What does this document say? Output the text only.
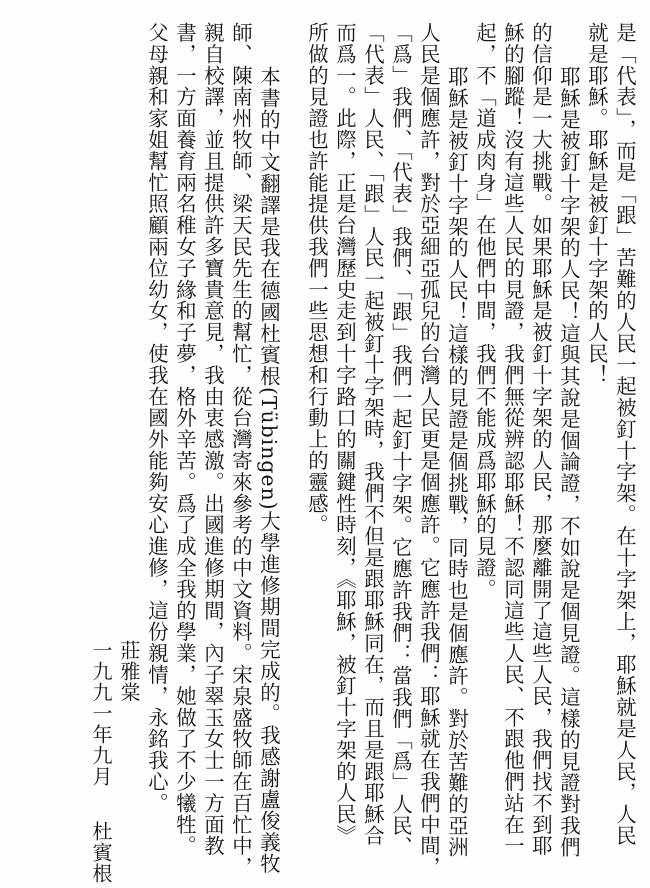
是「代表」，而是「跟」苦難的人民一起被釘十字架。在十字架上，耶穌就是人民，人民
就是耶穌。耶穌是被釘十字架的人民！
耶穌是被釘十字架的人民！這與其說是個論證，不如說是個見證。這樣的見證對我們
的信仰是一大挑戰。如果耶穌是被釘十字架的人民，那麼離開了這些人民，我們找不到耶
穌的腳蹤！沒有這些人民的見證，我們無從辨認耶穌！不認同這些人民、不跟他們站在一
起，不「道成肉身」在他們中間，我們不能成爲耶穌的見證。
耶穌是被釘十字架的人民！這樣的見證是個挑戰，同時也是個應許。對於苦難的亞洲
人民是個應許，對於亞細亞孤兒的台灣人民更是個應許。它應許我們：耶穌就在我們中間，
「爲」我們、「代表」我們、「跟」我們一起釘十字架。它應許我們：當我們「爲」人民、
「代表」人民、「跟」人民一起被釘十字架時，我們不但是跟耶穌同在，而且是跟耶穌合
而爲一。此際，正是台灣歷史走到十字路口的關鍵性時刻，《耶穌，被釘十字架的人民》
所做的見證也許能提供我們一些思想和行動上的靈感。
本書的中文翻譯是我在德國杜賓根(Tübingen)大學進修期間完成的。我感謝盧俊義牧
師、陳南州牧師、梁天民先生的幫忙，從台灣寄來參考的中文資料。宋泉盛牧師在百忙中，
親自校譯，並且提供許多寶貴意見，我由衷感激。出國進修期間，內子翠玉女士一方面教
書，一方面養育兩名稚女子緣和子夢，格外辛苦。爲了成全我的學業，她做了不少犧牲。
父母親和家姐幫忙照顧兩位幼女，使我在國外能夠安心進修，這份親情，永銘我心。
莊雅棠
一九九一年九月杜賓根
